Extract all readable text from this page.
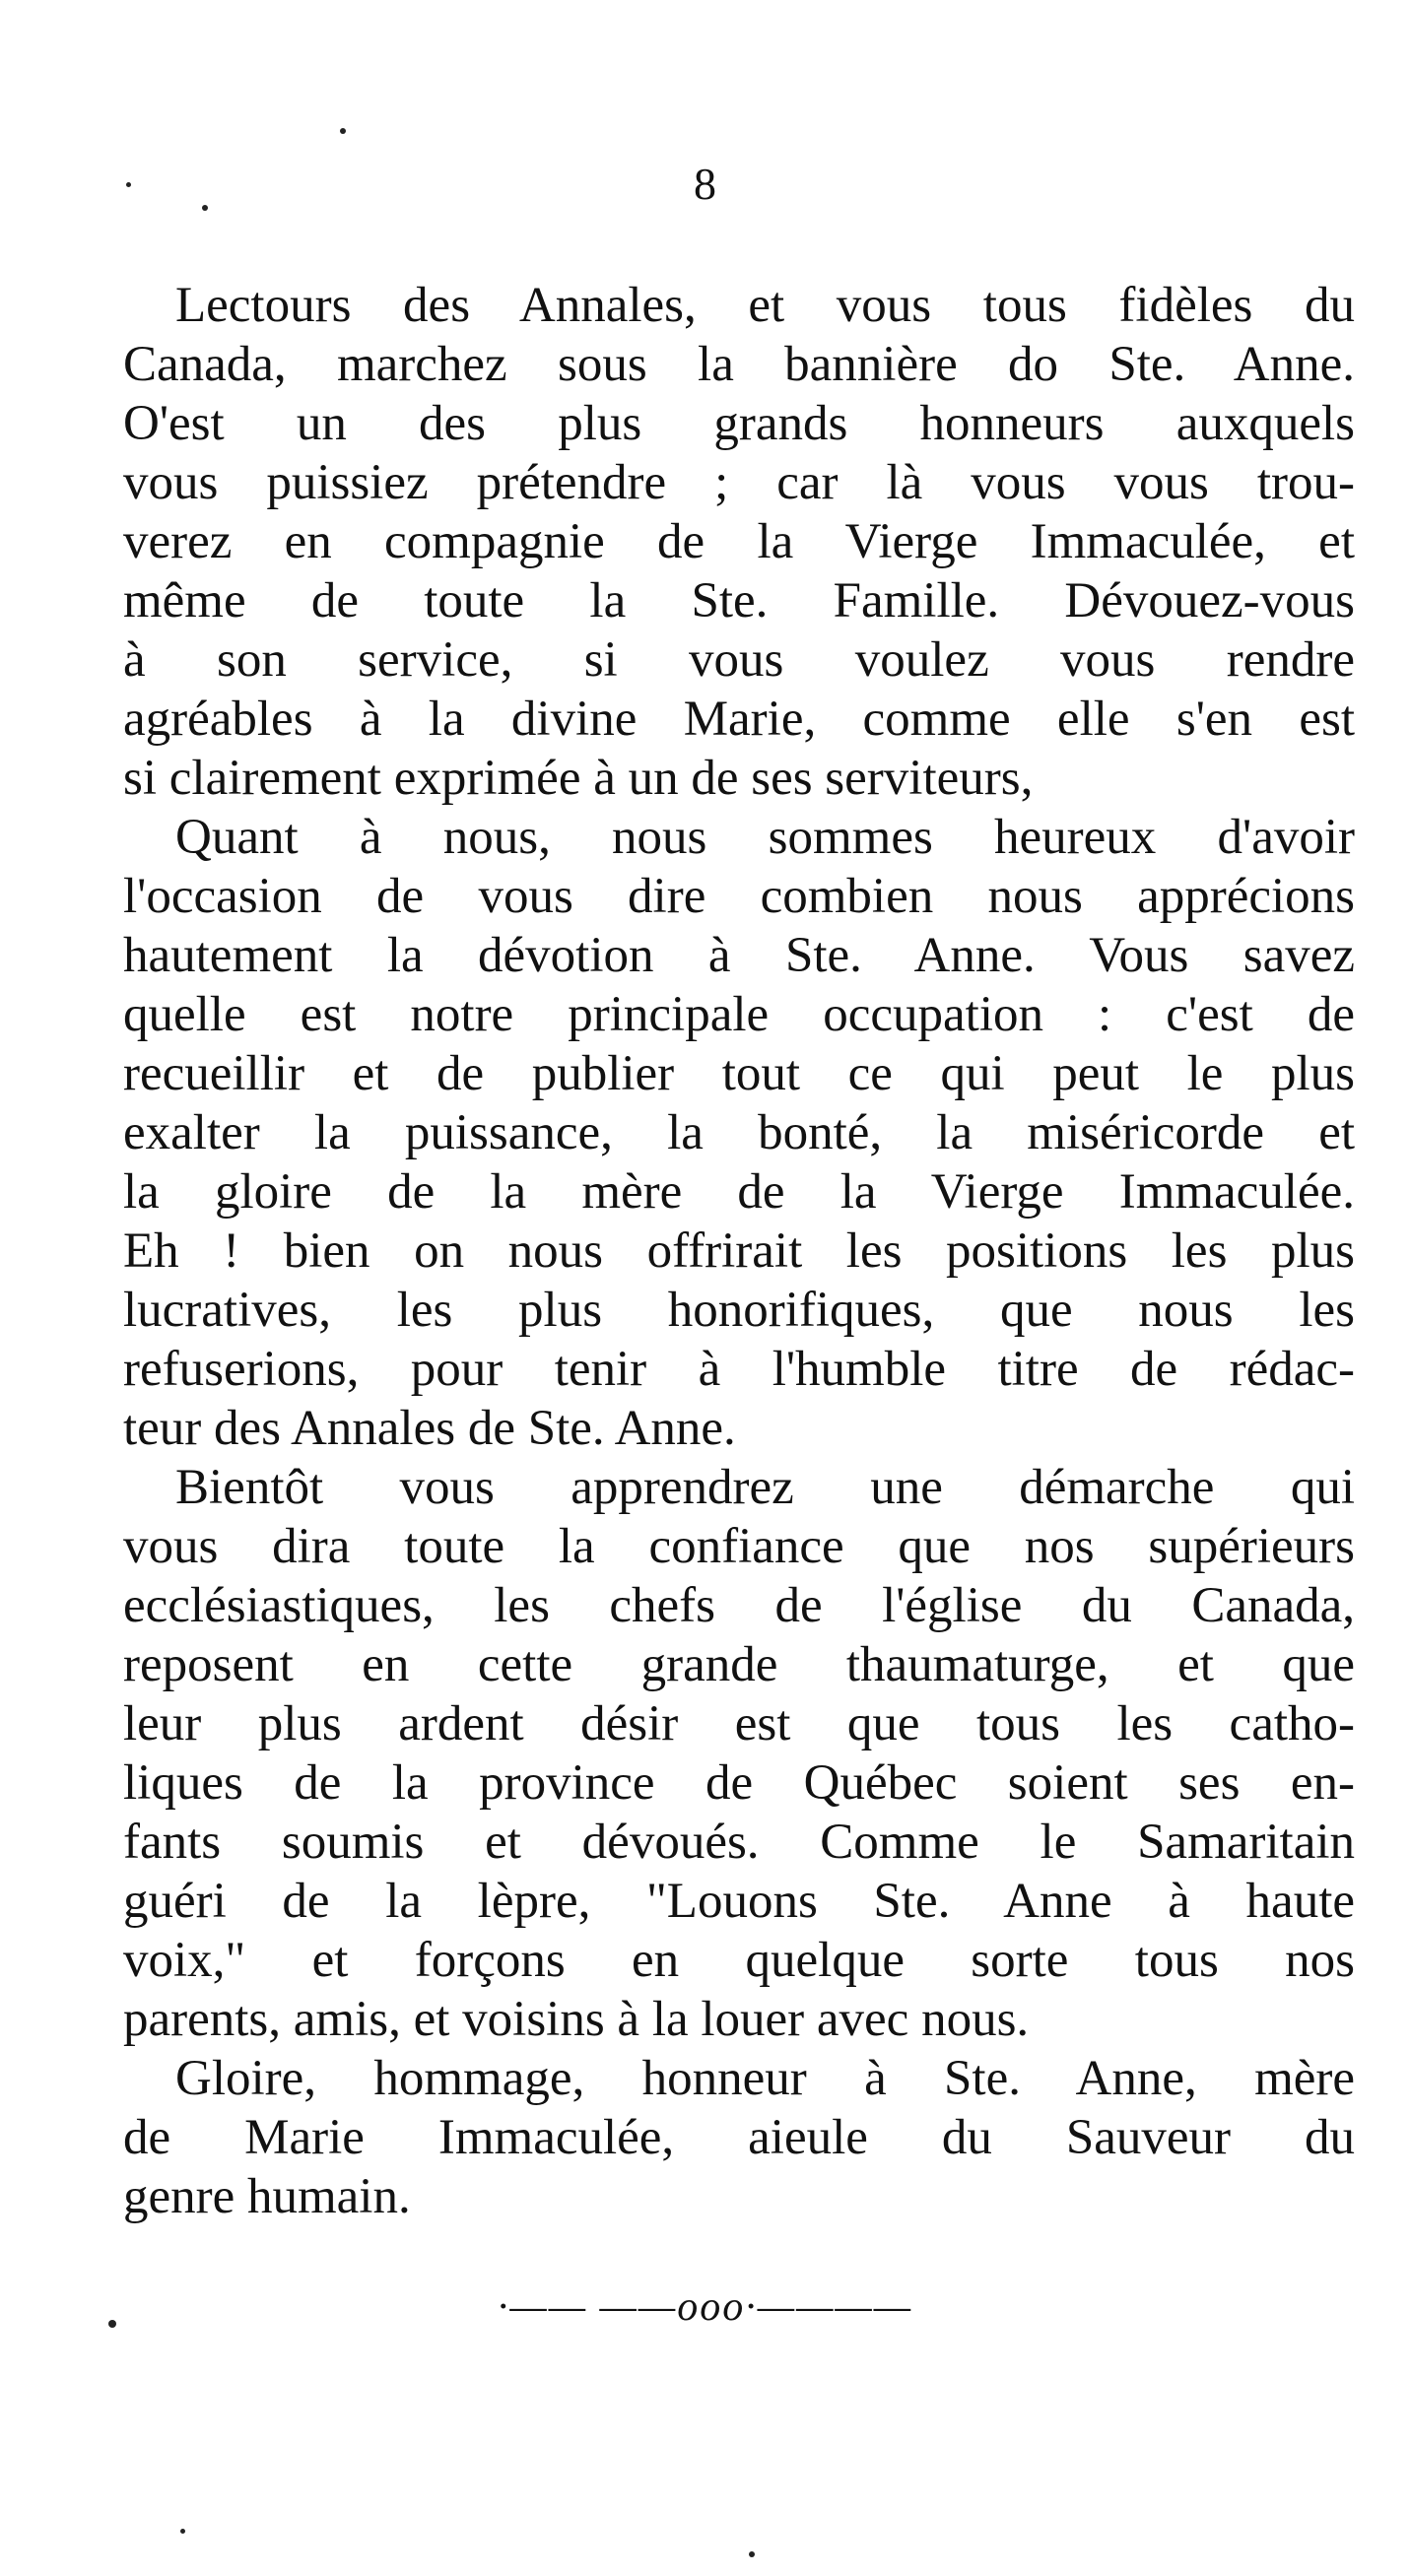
8
Lectours des Annales, et vous tous fidèles du
Canada, marchez sous la bannière do Ste. Anne.
O'est un des plus grands honneurs auxquels
vous puissiez prétendre ; car là vous vous trou-
verez en compagnie de la Vierge Immaculée, et
même de toute la Ste. Famille. Dévouez-vous
à son service, si vous voulez vous rendre
agréables à la divine Marie, comme elle s'en est
si clairement exprimée à un de ses serviteurs,
Quant à nous, nous sommes heureux d'avoir
l'occasion de vous dire combien nous apprécions
hautement la dévotion à Ste. Anne. Vous savez
quelle est notre principale occupation : c'est de
recueillir et de publier tout ce qui peut le plus
exalter la puissance, la bonté, la miséricorde et
la gloire de la mère de la Vierge Immaculée.
Eh ! bien on nous offrirait les positions les plus
lucratives, les plus honorifiques, que nous les
refuserions, pour tenir à l'humble titre de rédac-
teur des Annales de Ste. Anne.
Bientôt vous apprendrez une démarche qui
vous dira toute la confiance que nos supérieurs
ecclésiastiques, les chefs de l'église du Canada,
reposent en cette grande thaumaturge, et que
leur plus ardent désir est que tous les catho-
liques de la province de Québec soient ses en-
fants soumis et dévoués. Comme le Samaritain
guéri de la lèpre, "Louons Ste. Anne à haute
voix," et forçons en quelque sorte tous nos
parents, amis, et voisins à la louer avec nous.
Gloire, hommage, honneur à Ste. Anne, mère
de Marie Immaculée, aieule du Sauveur du
genre humain.
·—— ——ooo·————
